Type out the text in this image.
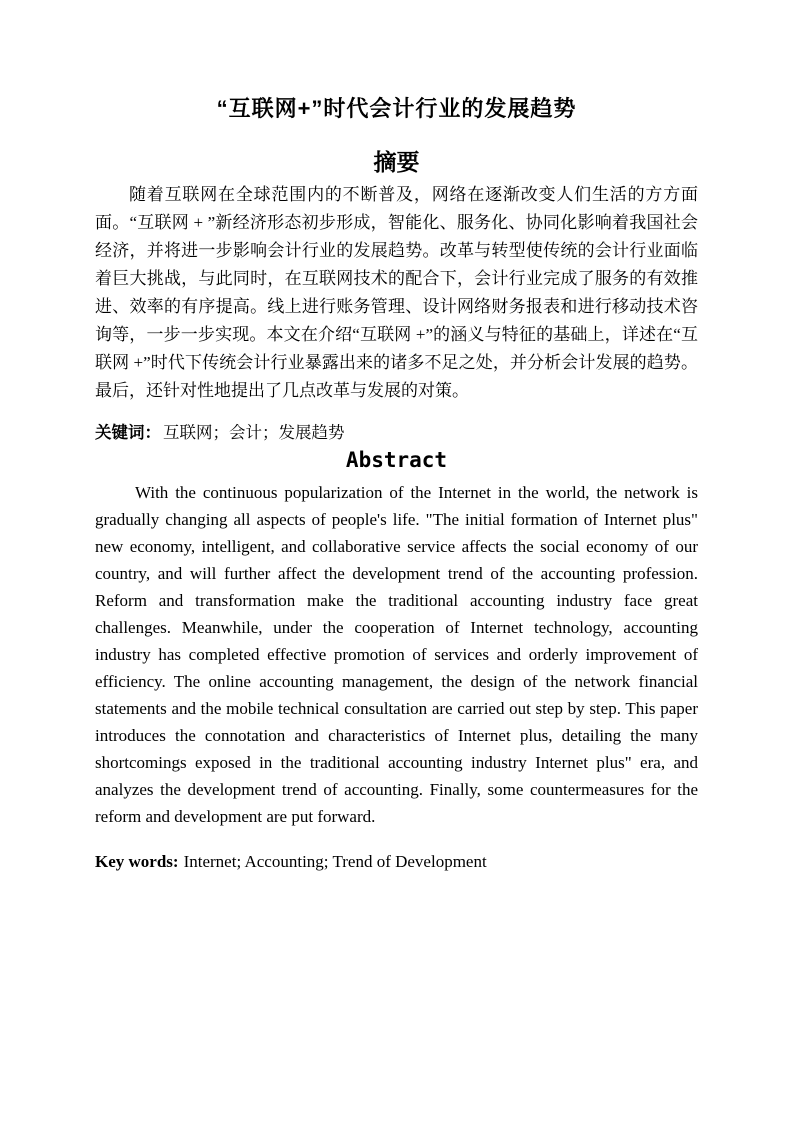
“互联网+”时代会计行业的发展趋势
摘要
随着互联网在全球范围内的不断普及，网络在逐渐改变人们生活的方方面面。“互联网 + ”新经济形态初步形成，智能化、服务化、协同化影响着我国社会经济，并将进一步影响会计行业的发展趋势。改革与转型使传统的会计行业面临着巨大挑战，与此同时，在互联网技术的配合下，会计行业完成了服务的有效推进、效率的有序提高。线上进行账务管理、设计网络财务报表和进行移动技术咨询等，一步一步实现。本文在介绍“互联网 +”的涵义与特征的基础上，详述在“互联网 +”时代下传统会计行业暴露出来的诸多不足之处，并分析会计发展的趋势。最后，还针对性地提出了几点改革与发展的对策。
关键词： 互联网；会计；发展趋势
Abstract
With the continuous popularization of the Internet in the world, the network is gradually changing all aspects of people's life. "The initial formation of Internet plus" new economy, intelligent, and collaborative service affects the social economy of our country, and will further affect the development trend of the accounting profession. Reform and transformation make the traditional accounting industry face great challenges. Meanwhile, under the cooperation of Internet technology, accounting industry has completed effective promotion of services and orderly improvement of efficiency. The online accounting management, the design of the network financial statements and the mobile technical consultation are carried out step by step. This paper introduces the connotation and characteristics of Internet plus, detailing the many shortcomings exposed in the traditional accounting industry Internet plus" era, and analyzes the development trend of accounting. Finally, some countermeasures for the reform and development are put forward.
Key words: Internet; Accounting; Trend of Development
